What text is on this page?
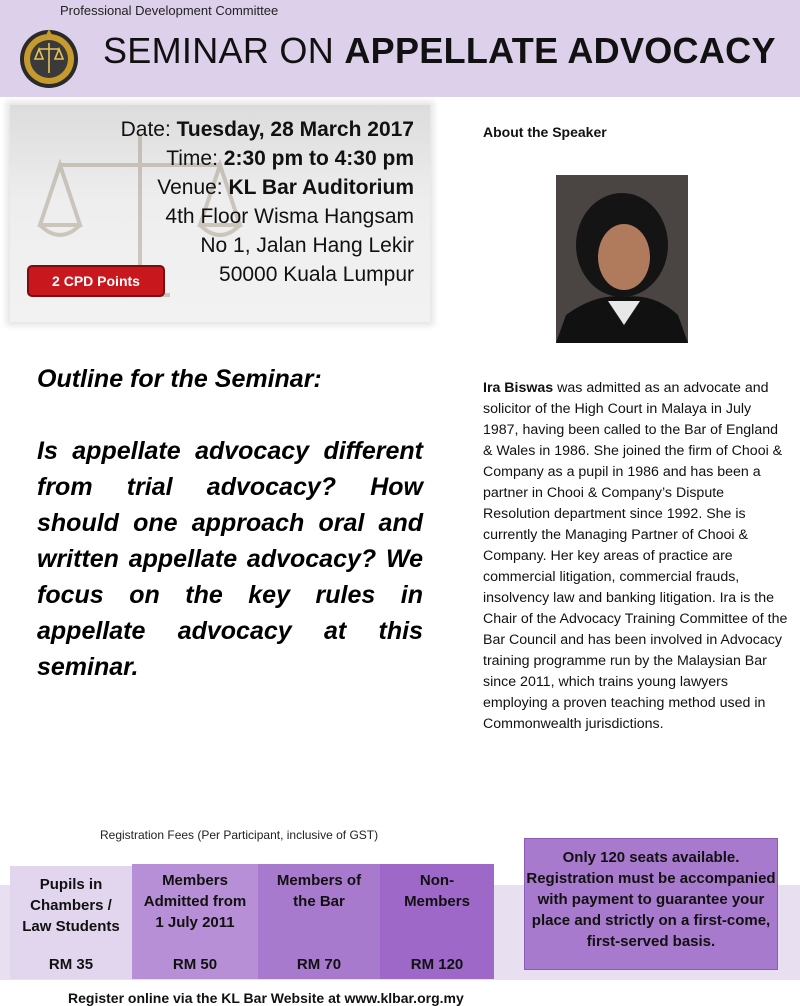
Professional Development Committee
SEMINAR ON APPELLATE ADVOCACY
Date: Tuesday, 28 March 2017
Time: 2:30 pm to 4:30 pm
Venue: KL Bar Auditorium
4th Floor Wisma Hangsam
No 1, Jalan Hang Lekir
50000 Kuala Lumpur
2 CPD Points
About the Speaker
Ira Biswas was admitted as an advocate and solicitor of the High Court in Malaya in July 1987, having been called to the Bar of England & Wales in 1986. She joined the firm of Chooi & Company as a pupil in 1986 and has been a partner in Chooi & Company’s Dispute Resolution department since 1992. She is currently the Managing Partner of Chooi & Company. Her key areas of practice are commercial litigation, commercial frauds, insolvency law and banking litigation. Ira is the Chair of the Advocacy Training Committee of the Bar Council and has been involved in Advocacy training programme run by the Malaysian Bar since 2011, which trains young lawyers employing a proven teaching method used in Commonwealth jurisdictions.
Outline for the Seminar:
Is appellate advocacy different from trial advocacy? How should one approach oral and written appellate advocacy? We focus on the key rules in appellate advocacy at this seminar.
Registration Fees (Per Participant, inclusive of GST)
Pupils in Chambers / Law Students
RM 35
Members Admitted from 1 July 2011
RM 50
Members of the Bar
RM 70
Non-Members
RM 120
Only 120 seats available. Registration must be accompanied with payment to guarantee your place and strictly on a first-come, first-served basis.
Register online via the KL Bar Website at www.klbar.org.my
